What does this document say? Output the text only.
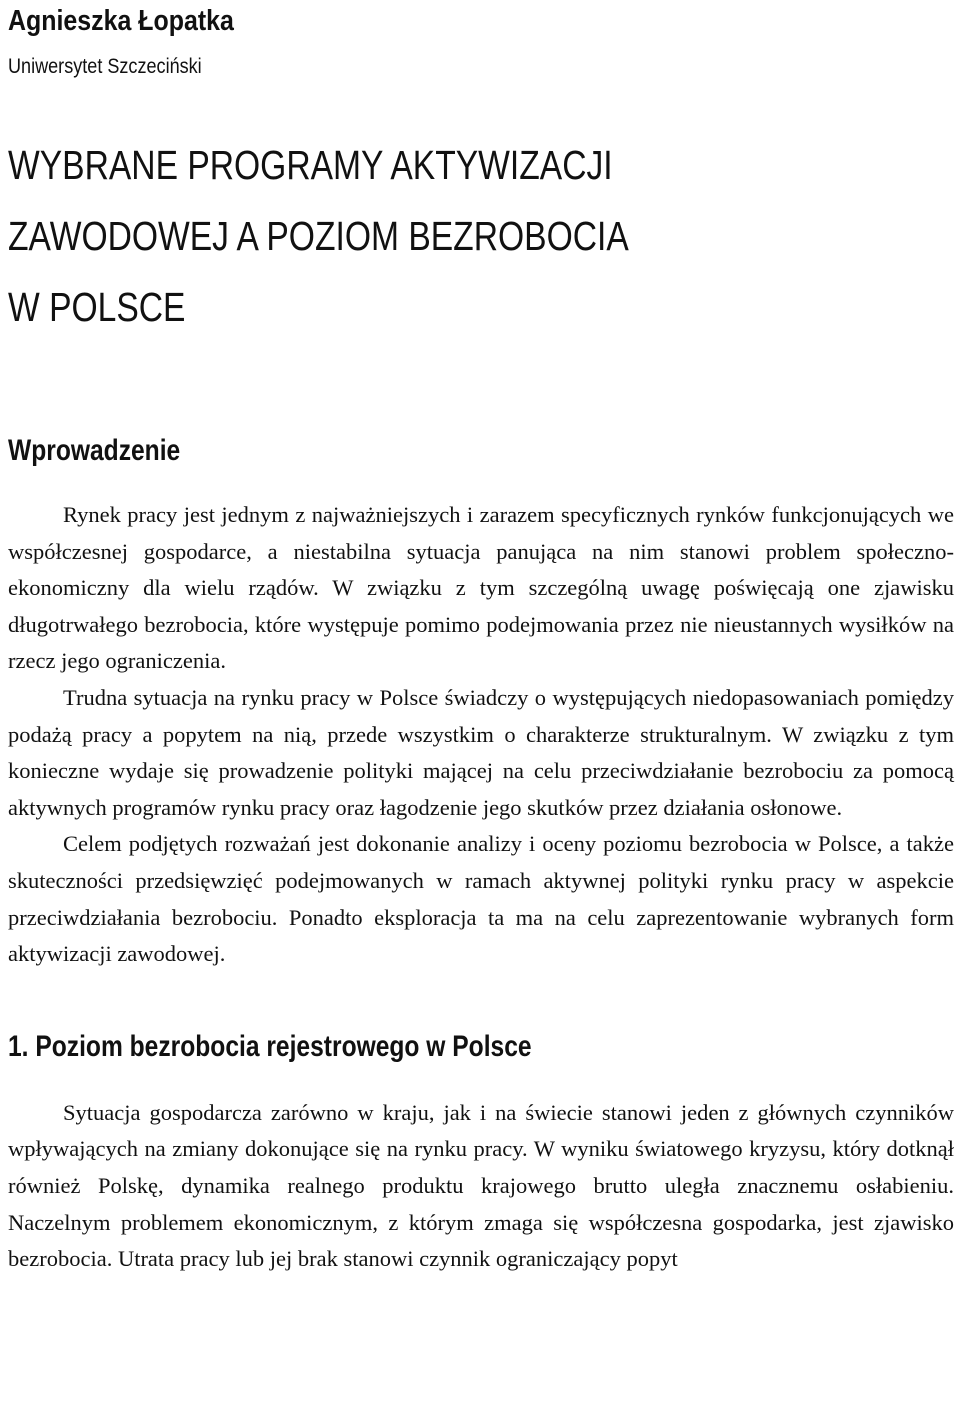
Agnieszka Łopatka
Uniwersytet Szczeciński
WYBRANE PROGRAMY AKTYWIZACJI
ZAWODOWEJ A POZIOM BEZROBOCIA
W POLSCE
Wprowadzenie

Rynek pracy jest jednym z najważniejszych i zarazem specyficznych rynków funkcjonujących we współczesnej gospodarce, a niestabilna sytuacja panująca na nim stanowi problem społeczno-ekonomiczny dla wielu rządów. W związku z tym szczególną uwagę poświęcają one zjawisku długotrwałego bezrobocia, które występuje pomimo podejmowania przez nie nieustannych wysiłków na rzecz jego ograniczenia.

Trudna sytuacja na rynku pracy w Polsce świadczy o występujących niedopasowaniach pomiędzy podażą pracy a popytem na nią, przede wszystkim o charakterze strukturalnym. W związku z tym konieczne wydaje się prowadzenie polityki mającej na celu przeciwdziałanie bezrobociu za pomocą aktywnych programów rynku pracy oraz łagodzenie jego skutków przez działania osłonowe.

Celem podjętych rozważań jest dokonanie analizy i oceny poziomu bezrobocia w Polsce, a także skuteczności przedsięwzięć podejmowanych w ramach aktywnej polityki rynku pracy w aspekcie przeciwdziałania bezrobociu. Ponadto eksploracja ta ma na celu zaprezentowanie wybranych form aktywizacji zawodowej.

1. Poziom bezrobocia rejestrowego w Polsce

Sytuacja gospodarcza zarówno w kraju, jak i na świecie stanowi jeden z głównych czynników wpływających na zmiany dokonujące się na rynku pracy. W wyniku światowego kryzysu, który dotknął również Polskę, dynamika realnego produktu krajowego brutto uległa znacznemu osłabieniu. Naczelnym problemem ekonomicznym, z którym zmaga się współczesna gospodarka, jest zjawisko bezrobocia. Utrata pracy lub jej brak stanowi czynnik ograniczający popyt
